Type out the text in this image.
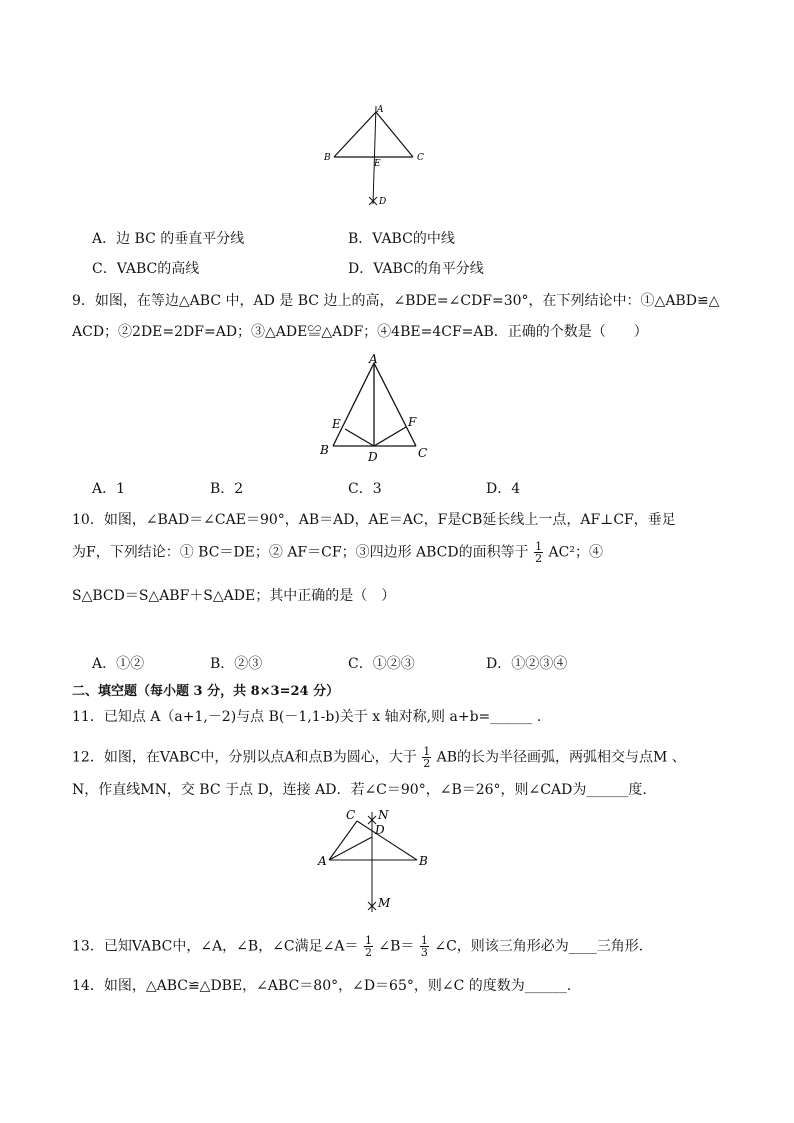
A
B	C
E
D
A．边 BC 的垂直平分线	B．VABC的中线
C．VABC的高线	D．VABC的角平分线
9．如图，在等边△ABC 中，AD 是 BC 边上的高，∠BDE=∠CDF=30°，在下列结论中：①△ABD≌△
ACD；②2DE=2DF=AD；③△ADE≌△ADF；④4BE=4CF=AB．正确的个数是（　　）
A
E	F
B	D	C
A．1	B．2	C．3	D．4
10．如图，∠BAD＝∠CAE＝90°，AB＝AD，AE＝AC，F是CB延长线上一点，AF⊥CF，垂足
为F，下列结论：① BC＝DE；② AF＝CF；③四边形 ABCD的面积等于 $\frac{1}{2} AC^2$；④
S△BCD＝S△ABF＋S△ADE；其中正确的是（　）
A．①②	B．②③	C．①②③	D．①②③④
二、填空题（每小题 3 分，共 8×3=24 分）
11．已知点 A（a+1,－2)与点 B(－1,1-b)关于 x 轴对称,则 a+b=______ .
12．如图，在VABC中，分别以点A和点B为圆心，大于 $\frac{1}{2}$ AB的长为半径画弧，两弧相交与点M 、
N，作直线MN，交 BC 于点 D，连接 AD．若∠C＝90°，∠B＝26°，则∠CAD为______度.
C N
D
A	B
M
13．已知VABC中，∠A，∠B，∠C满足∠A＝ $\frac{1}{2}$ ∠B＝ $\frac{1}{3}$ ∠C，则该三角形必为____三角形．
14．如图，△ABC≌△DBE，∠ABC＝80°，∠D＝65°，则∠C 的度数为______.
